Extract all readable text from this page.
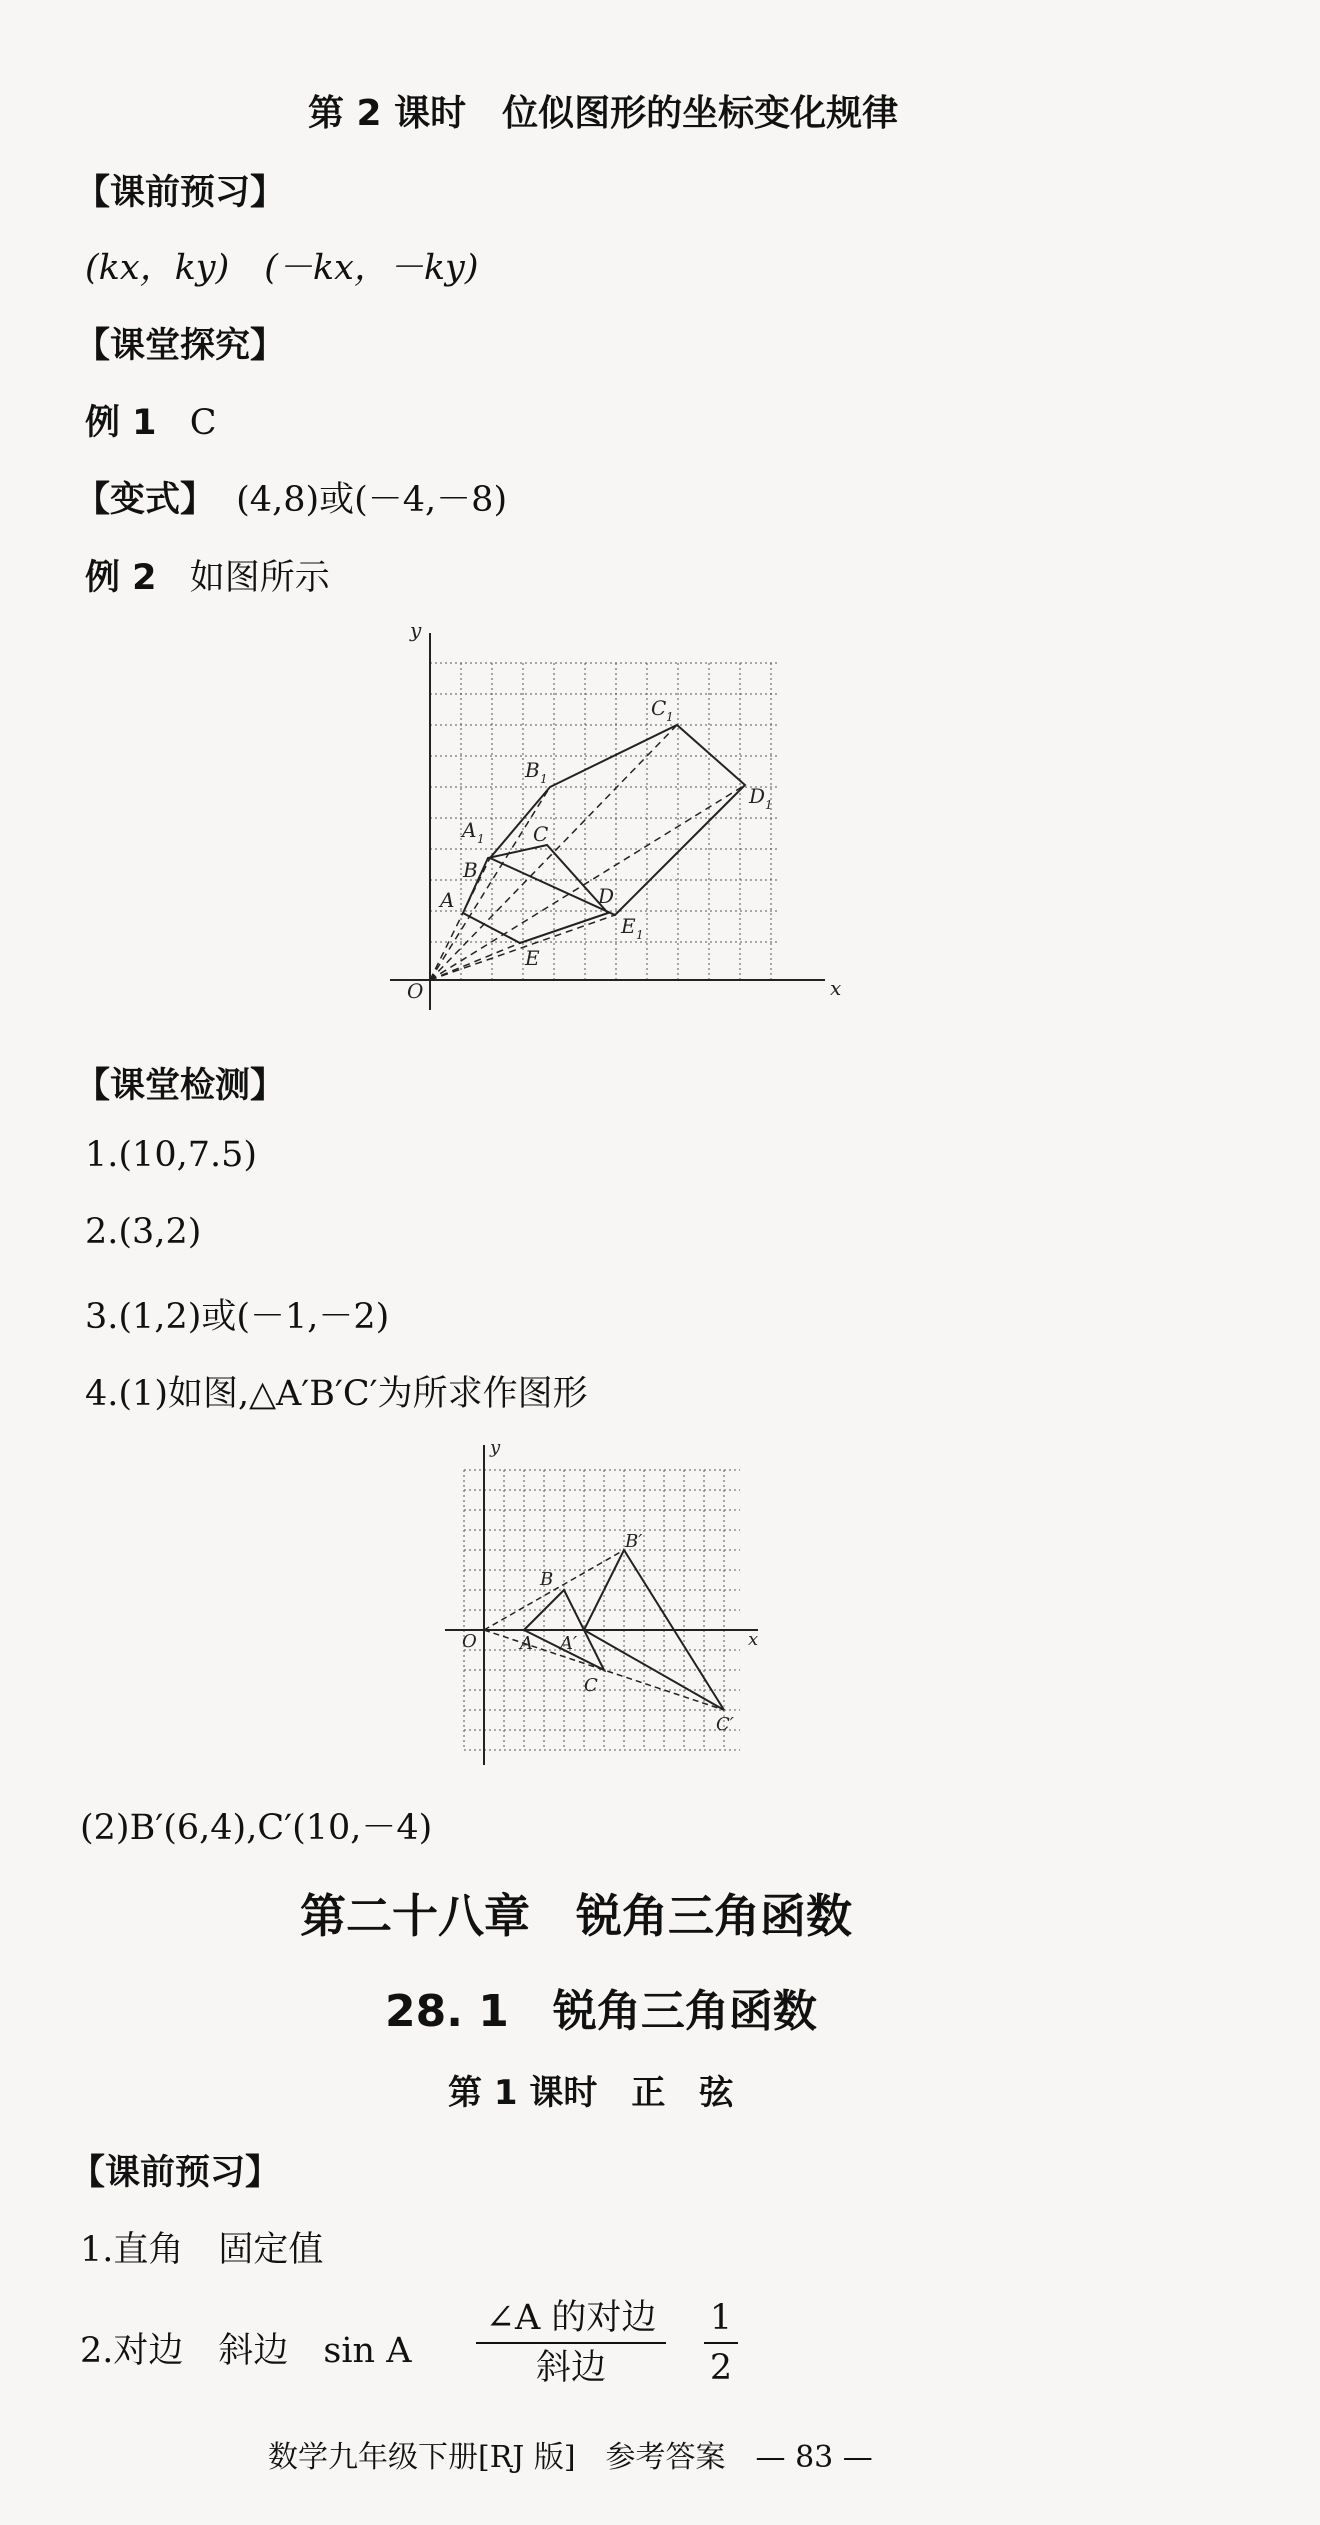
第 2 课时　位似图形的坐标变化规律
【课前预习】
(kx，ky)　(－kx，－ky)
【课堂探究】
例 1 C
【变式】 (4,8)或(－4,－8)
例 2 如图所示
y
x
O
A
B
C
D
E
A 1
B 1
C 1
D 1
E 1
【课堂检测】
1.(10,7.5)
2.(3,2)
3.(1,2)或(－1,－2)
4.(1)如图,△A′B′C′为所求作图形
y
x
O A
B
C
A′
B′
C′
(2)B′(6,4),C′(10,－4)
第二十八章　锐角三角函数
28. 1　锐角三角函数
第 1 课时　正　弦
【课前预习】
1.直角　固定值
2.对边　斜边　sin A
∠A 的对边
斜边
1
2
数学九年级下册[RJ 版]　参考答案　— 83 —
